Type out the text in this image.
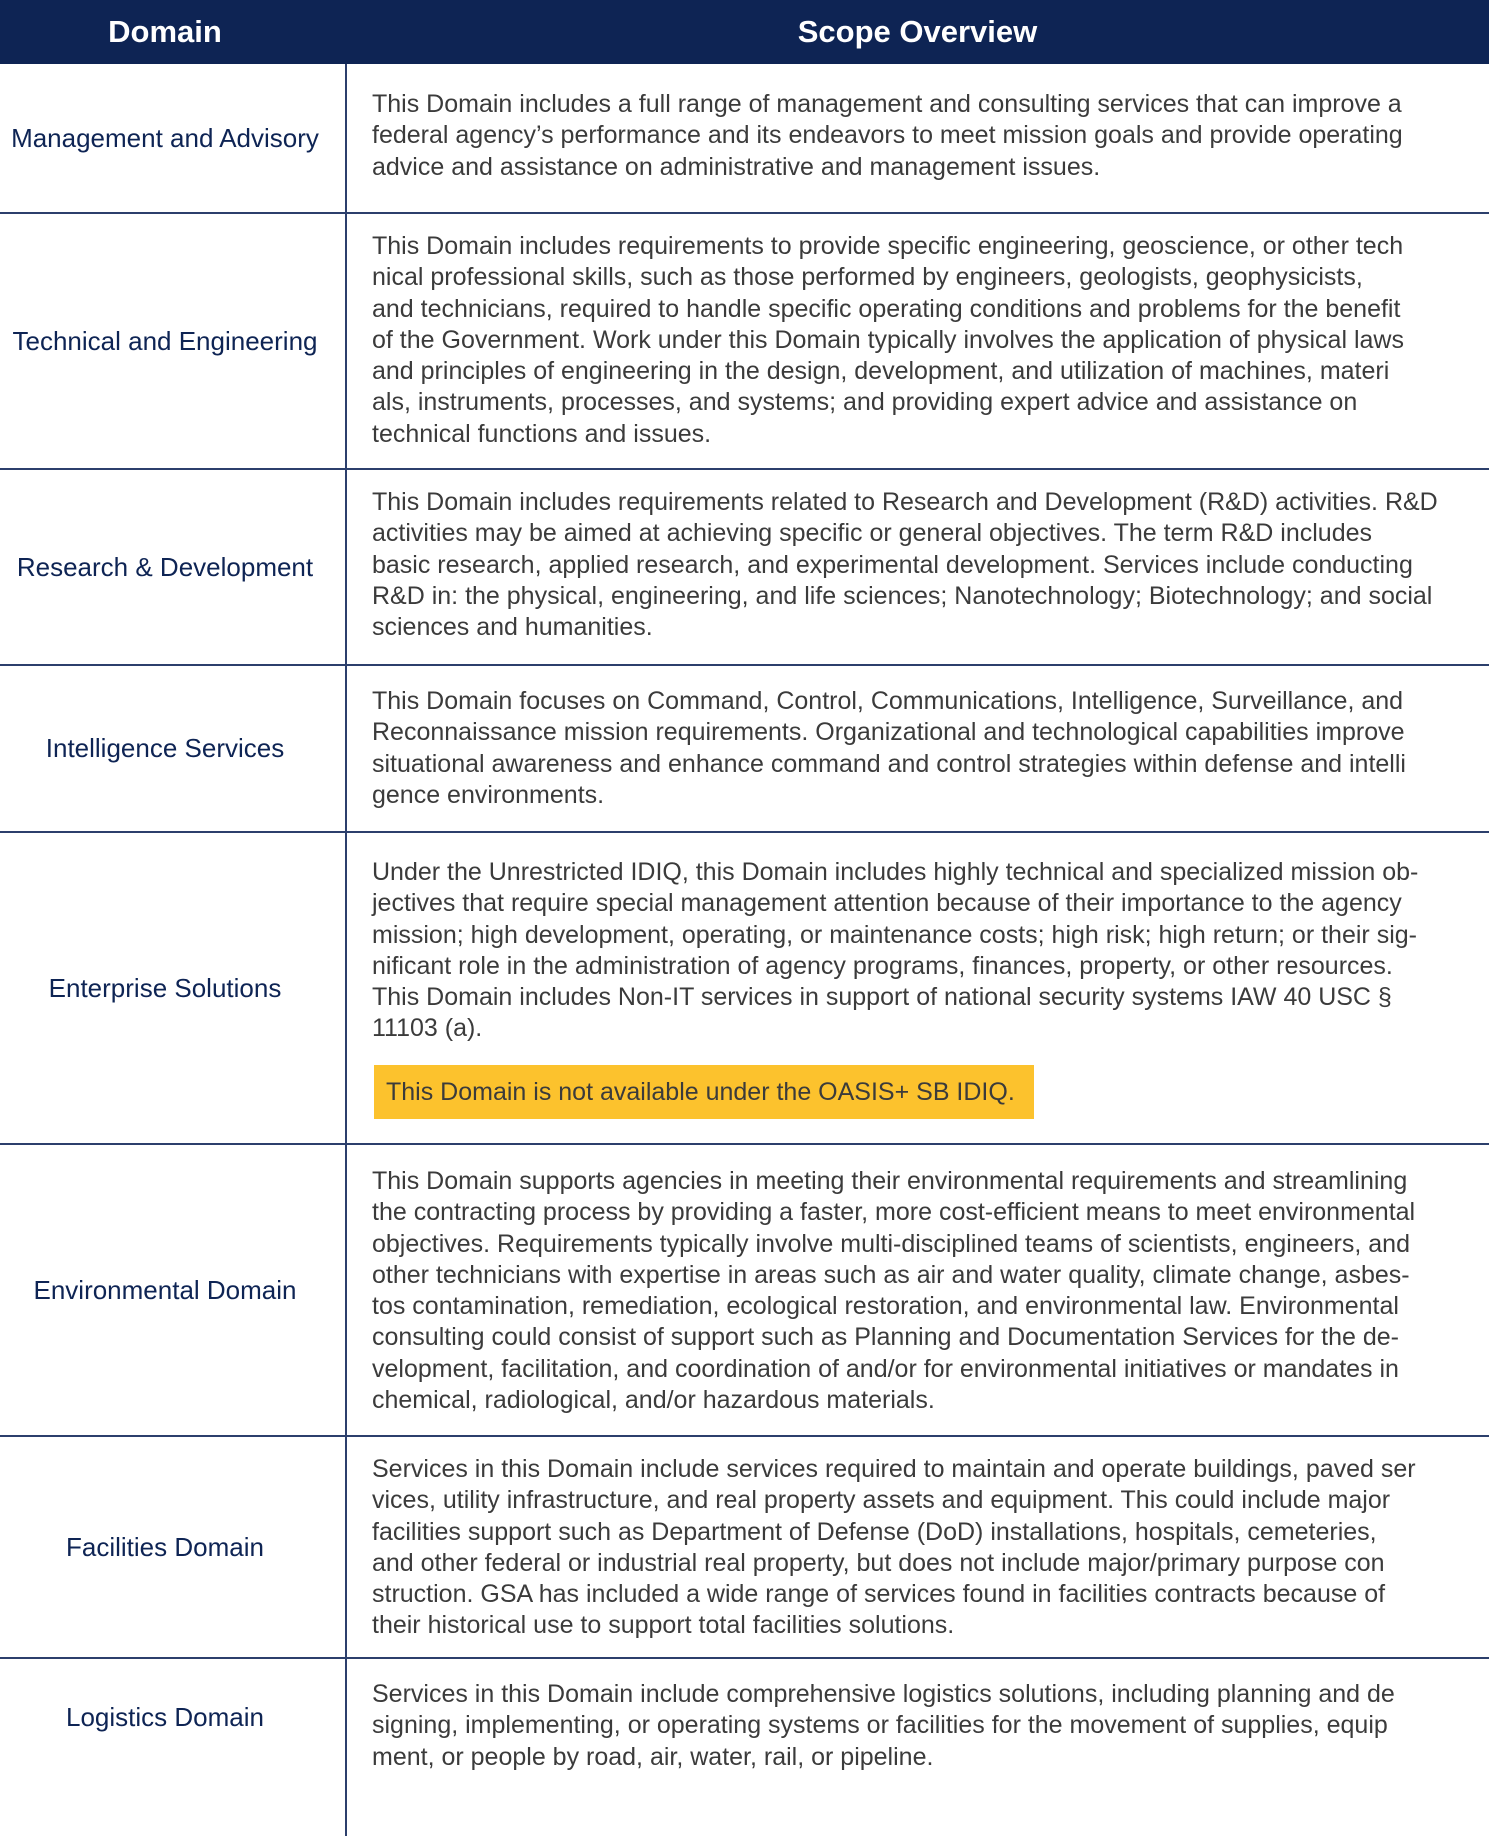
Domain	Scope Overview
Management and Advisory
This Domain includes a full range of management and consulting services that can improve a
federal agency’s performance and its endeavors to meet mission goals and provide operating
advice and assistance on administrative and management issues.
Technical and Engineering
This Domain includes requirements to provide specific engineering, geoscience, or other tech
nical professional skills, such as those performed by engineers, geologists, geophysicists,
and technicians, required to handle specific operating conditions and problems for the benefit
of the Government. Work under this Domain typically involves the application of physical laws
and principles of engineering in the design, development, and utilization of machines, materi
als, instruments, processes, and systems; and providing expert advice and assistance on
technical functions and issues.
Research & Development
This Domain includes requirements related to Research and Development (R&D) activities. R&D
activities may be aimed at achieving specific or general objectives. The term R&D includes
basic research, applied research, and experimental development. Services include conducting
R&D in: the physical, engineering, and life sciences; Nanotechnology; Biotechnology; and social
sciences and humanities.
Intelligence Services
This Domain focuses on Command, Control, Communications, Intelligence, Surveillance, and
Reconnaissance mission requirements. Organizational and technological capabilities improve
situational awareness and enhance command and control strategies within defense and intelli
gence environments.
Enterprise Solutions
Under the Unrestricted IDIQ, this Domain includes highly technical and specialized mission ob-
jectives that require special management attention because of their importance to the agency
mission; high development, operating, or maintenance costs; high risk; high return; or their sig-
nificant role in the administration of agency programs, finances, property, or other resources.
This Domain includes Non-IT services in support of national security systems IAW 40 USC §
11103 (a).
This Domain is not available under the OASIS+ SB IDIQ.
Environmental Domain
This Domain supports agencies in meeting their environmental requirements and streamlining
the contracting process by providing a faster, more cost-efficient means to meet environmental
objectives. Requirements typically involve multi-disciplined teams of scientists, engineers, and
other technicians with expertise in areas such as air and water quality, climate change, asbes-
tos contamination, remediation, ecological restoration, and environmental law. Environmental
consulting could consist of support such as Planning and Documentation Services for the de-
velopment, facilitation, and coordination of and/or for environmental initiatives or mandates in
chemical, radiological, and/or hazardous materials.
Facilities Domain
Services in this Domain include services required to maintain and operate buildings, paved ser
vices, utility infrastructure, and real property assets and equipment. This could include major
facilities support such as Department of Defense (DoD) installations, hospitals, cemeteries,
and other federal or industrial real property, but does not include major/primary purpose con
struction. GSA has included a wide range of services found in facilities contracts because of
their historical use to support total facilities solutions.
Logistics Domain
Services in this Domain include comprehensive logistics solutions, including planning and de
signing, implementing, or operating systems or facilities for the movement of supplies, equip
ment, or people by road, air, water, rail, or pipeline.
